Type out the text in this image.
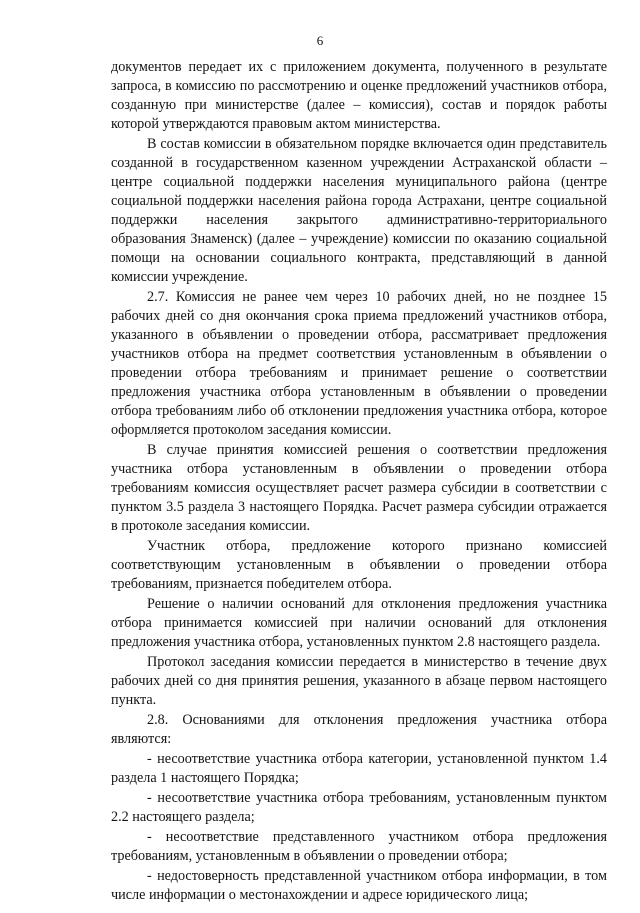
6

документов передает их с приложением документа, полученного в результате запроса, в комиссию по рассмотрению и оценке предложений участников отбора, созданную при министерстве (далее – комиссия), состав и порядок работы которой утверждаются правовым актом министерства.

В состав комиссии в обязательном порядке включается один представитель созданной в государственном казенном учреждении Астраханской области – центре социальной поддержки населения муниципального района (центре социальной поддержки населения района города Астрахани, центре социальной поддержки населения закрытого административно-территориального образования Знаменск) (далее – учреждение) комиссии по оказанию социальной помощи на основании социального контракта, представляющий в данной комиссии учреждение.

2.7. Комиссия не ранее чем через 10 рабочих дней, но не позднее 15 рабочих дней со дня окончания срока приема предложений участников отбора, указанного в объявлении о проведении отбора, рассматривает предложения участников отбора на предмет соответствия установленным в объявлении о проведении отбора требованиям и принимает решение о соответствии предложения участника отбора установленным в объявлении о проведении отбора требованиям либо об отклонении предложения участника отбора, которое оформляется протоколом заседания комиссии.

В случае принятия комиссией решения о соответствии предложения участника отбора установленным в объявлении о проведении отбора требованиям комиссия осуществляет расчет размера субсидии в соответствии с пунктом 3.5 раздела 3 настоящего Порядка. Расчет размера субсидии отражается в протоколе заседания комиссии.

Участник отбора, предложение которого признано комиссией соответствующим установленным в объявлении о проведении отбора требованиям, признается победителем отбора.

Решение о наличии оснований для отклонения предложения участника отбора принимается комиссией при наличии оснований для отклонения предложения участника отбора, установленных пунктом 2.8 настоящего раздела.

Протокол заседания комиссии передается в министерство в течение двух рабочих дней со дня принятия решения, указанного в абзаце первом настоящего пункта.

2.8. Основаниями для отклонения предложения участника отбора являются:

- несоответствие участника отбора категории, установленной пунктом 1.4 раздела 1 настоящего Порядка;

- несоответствие участника отбора требованиям, установленным пунктом 2.2 настоящего раздела;

- несоответствие представленного участником отбора предложения требованиям, установленным в объявлении о проведении отбора;

- недостоверность представленной участником отбора информации, в том числе информации о местонахождении и адресе юридического лица;
